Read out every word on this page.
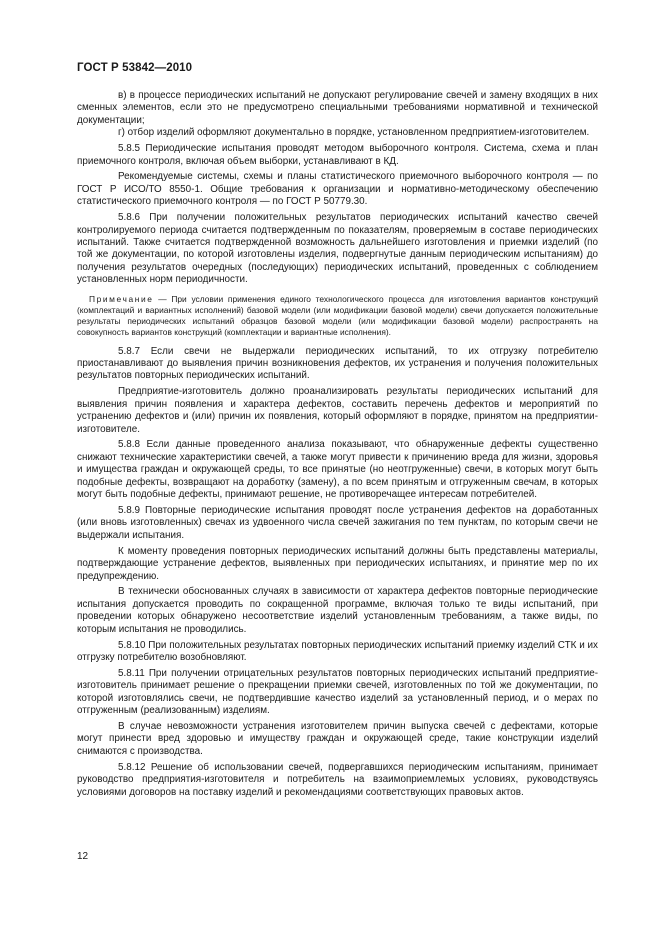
ГОСТ Р 53842—2010

в) в процессе периодических испытаний не допускают регулирование свечей и замену входящих в них сменных элементов, если это не предусмотрено специальными требованиями нормативной и технической документации;

г) отбор изделий оформляют документально в порядке, установленном предприятием-изготовителем.

5.8.5 Периодические испытания проводят методом выборочного контроля. Система, схема и план приемочного контроля, включая объем выборки, устанавливают в КД.

Рекомендуемые системы, схемы и планы статистического приемочного выборочного контроля — по ГОСТ Р ИСО/ТО 8550-1. Общие требования к организации и нормативно-методическому обеспечению статистического приемочного контроля — по ГОСТ Р 50779.30.

5.8.6 При получении положительных результатов периодических испытаний качество свечей контролируемого периода считается подтвержденным по показателям, проверяемым в составе периодических испытаний. Также считается подтвержденной возможность дальнейшего изготовления и приемки изделий (по той же документации, по которой изготовлены изделия, подвергнутые данным периодическим испытаниям) до получения результатов очередных (последующих) периодических испытаний, проведенных с соблюдением установленных норм периодичности.

Примечание — При условии применения единого технологического процесса для изготовления вариантов конструкций (комплектаций и вариантных исполнений) базовой модели (или модификации базовой модели) свечи допускается положительные результаты периодических испытаний образцов базовой модели (или модификации базовой модели) распространять на совокупность вариантов конструкций (комплектации и вариантные исполнения).

5.8.7 Если свечи не выдержали периодических испытаний, то их отгрузку потребителю приостанавливают до выявления причин возникновения дефектов, их устранения и получения положительных результатов повторных периодических испытаний.

Предприятие-изготовитель должно проанализировать результаты периодических испытаний для выявления причин появления и характера дефектов, составить перечень дефектов и мероприятий по устранению дефектов и (или) причин их появления, который оформляют в порядке, принятом на предприятии-изготовителе.

5.8.8 Если данные проведенного анализа показывают, что обнаруженные дефекты существенно снижают технические характеристики свечей, а также могут привести к причинению вреда для жизни, здоровья и имущества граждан и окружающей среды, то все принятые (но неотгруженные) свечи, в которых могут быть подобные дефекты, возвращают на доработку (замену), а по всем принятым и отгруженным свечам, в которых могут быть подобные дефекты, принимают решение, не противоречащее интересам потребителей.

5.8.9 Повторные периодические испытания проводят после устранения дефектов на доработанных (или вновь изготовленных) свечах из удвоенного числа свечей зажигания по тем пунктам, по которым свечи не выдержали испытания.

К моменту проведения повторных периодических испытаний должны быть представлены материалы, подтверждающие устранение дефектов, выявленных при периодических испытаниях, и принятие мер по их предупреждению.

В технически обоснованных случаях в зависимости от характера дефектов повторные периодические испытания допускается проводить по сокращенной программе, включая только те виды испытаний, при проведении которых обнаружено несоответствие изделий установленным требованиям, а также виды, по которым испытания не проводились.

5.8.10 При положительных результатах повторных периодических испытаний приемку изделий СТК и их отгрузку потребителю возобновляют.

5.8.11 При получении отрицательных результатов повторных периодических испытаний предприятие-изготовитель принимает решение о прекращении приемки свечей, изготовленных по той же документации, по которой изготовлялись свечи, не подтвердившие качество изделий за установленный период, и о мерах по отгруженным (реализованным) изделиям.

В случае невозможности устранения изготовителем причин выпуска свечей с дефектами, которые могут принести вред здоровью и имуществу граждан и окружающей среде, такие конструкции изделий снимаются с производства.

5.8.12 Решение об использовании свечей, подвергавшихся периодическим испытаниям, принимает руководство предприятия-изготовителя и потребитель на взаимоприемлемых условиях, руководствуясь условиями договоров на поставку изделий и рекомендациями соответствующих правовых актов.

12
